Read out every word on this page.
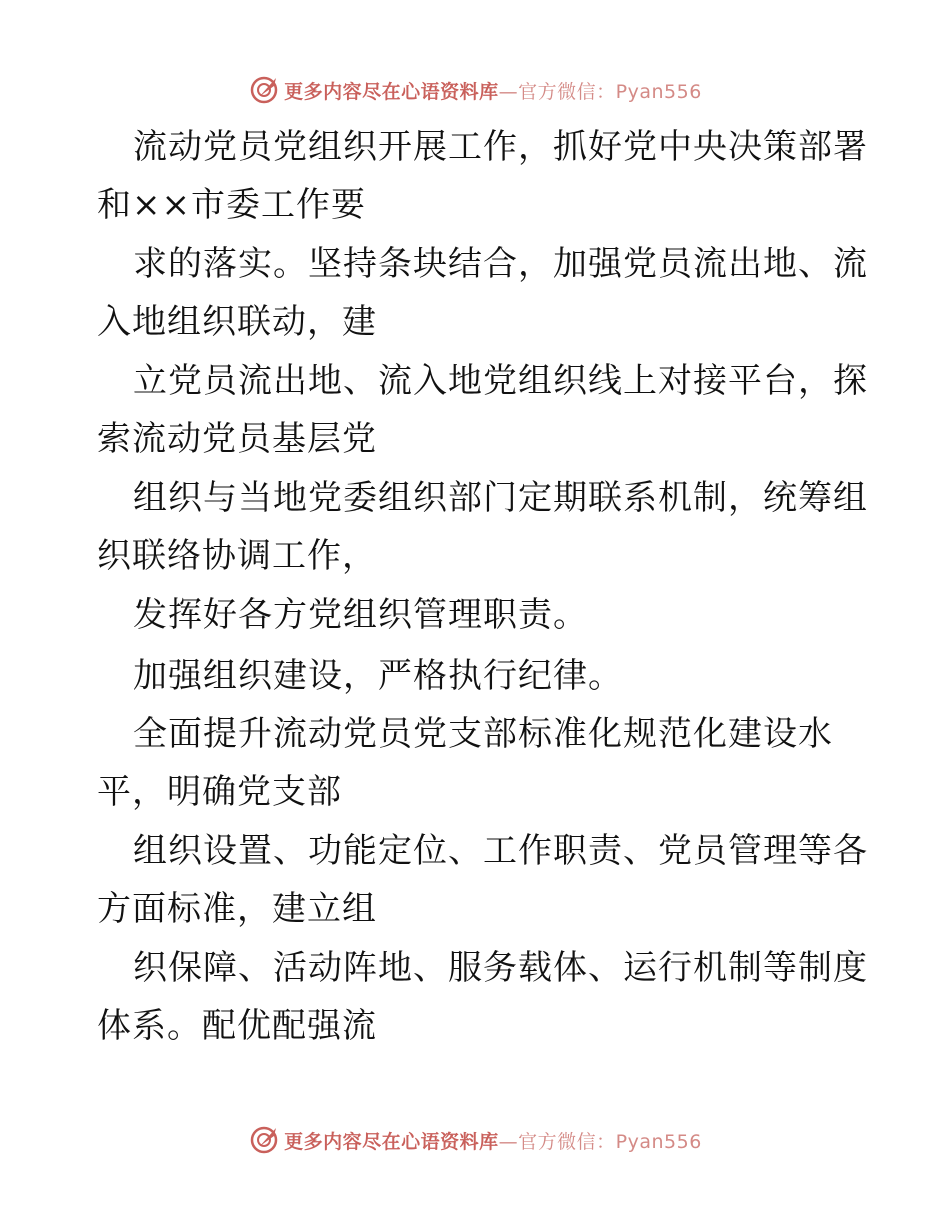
更多内容尽在心语资料库—官方微信：Pyan556
流动党员党组织开展工作，抓好党中央决策部署
和××市委工作要
求的落实。坚持条块结合，加强党员流出地、流
入地组织联动，建
立党员流出地、流入地党组织线上对接平台，探
索流动党员基层党
组织与当地党委组织部门定期联系机制，统筹组
织联络协调工作，
发挥好各方党组织管理职责。
加强组织建设，严格执行纪律。
全面提升流动党员党支部标准化规范化建设水
平，明确党支部
组织设置、功能定位、工作职责、党员管理等各
方面标准，建立组
织保障、活动阵地、服务载体、运行机制等制度
体系。配优配强流
更多内容尽在心语资料库—官方微信：Pyan556
